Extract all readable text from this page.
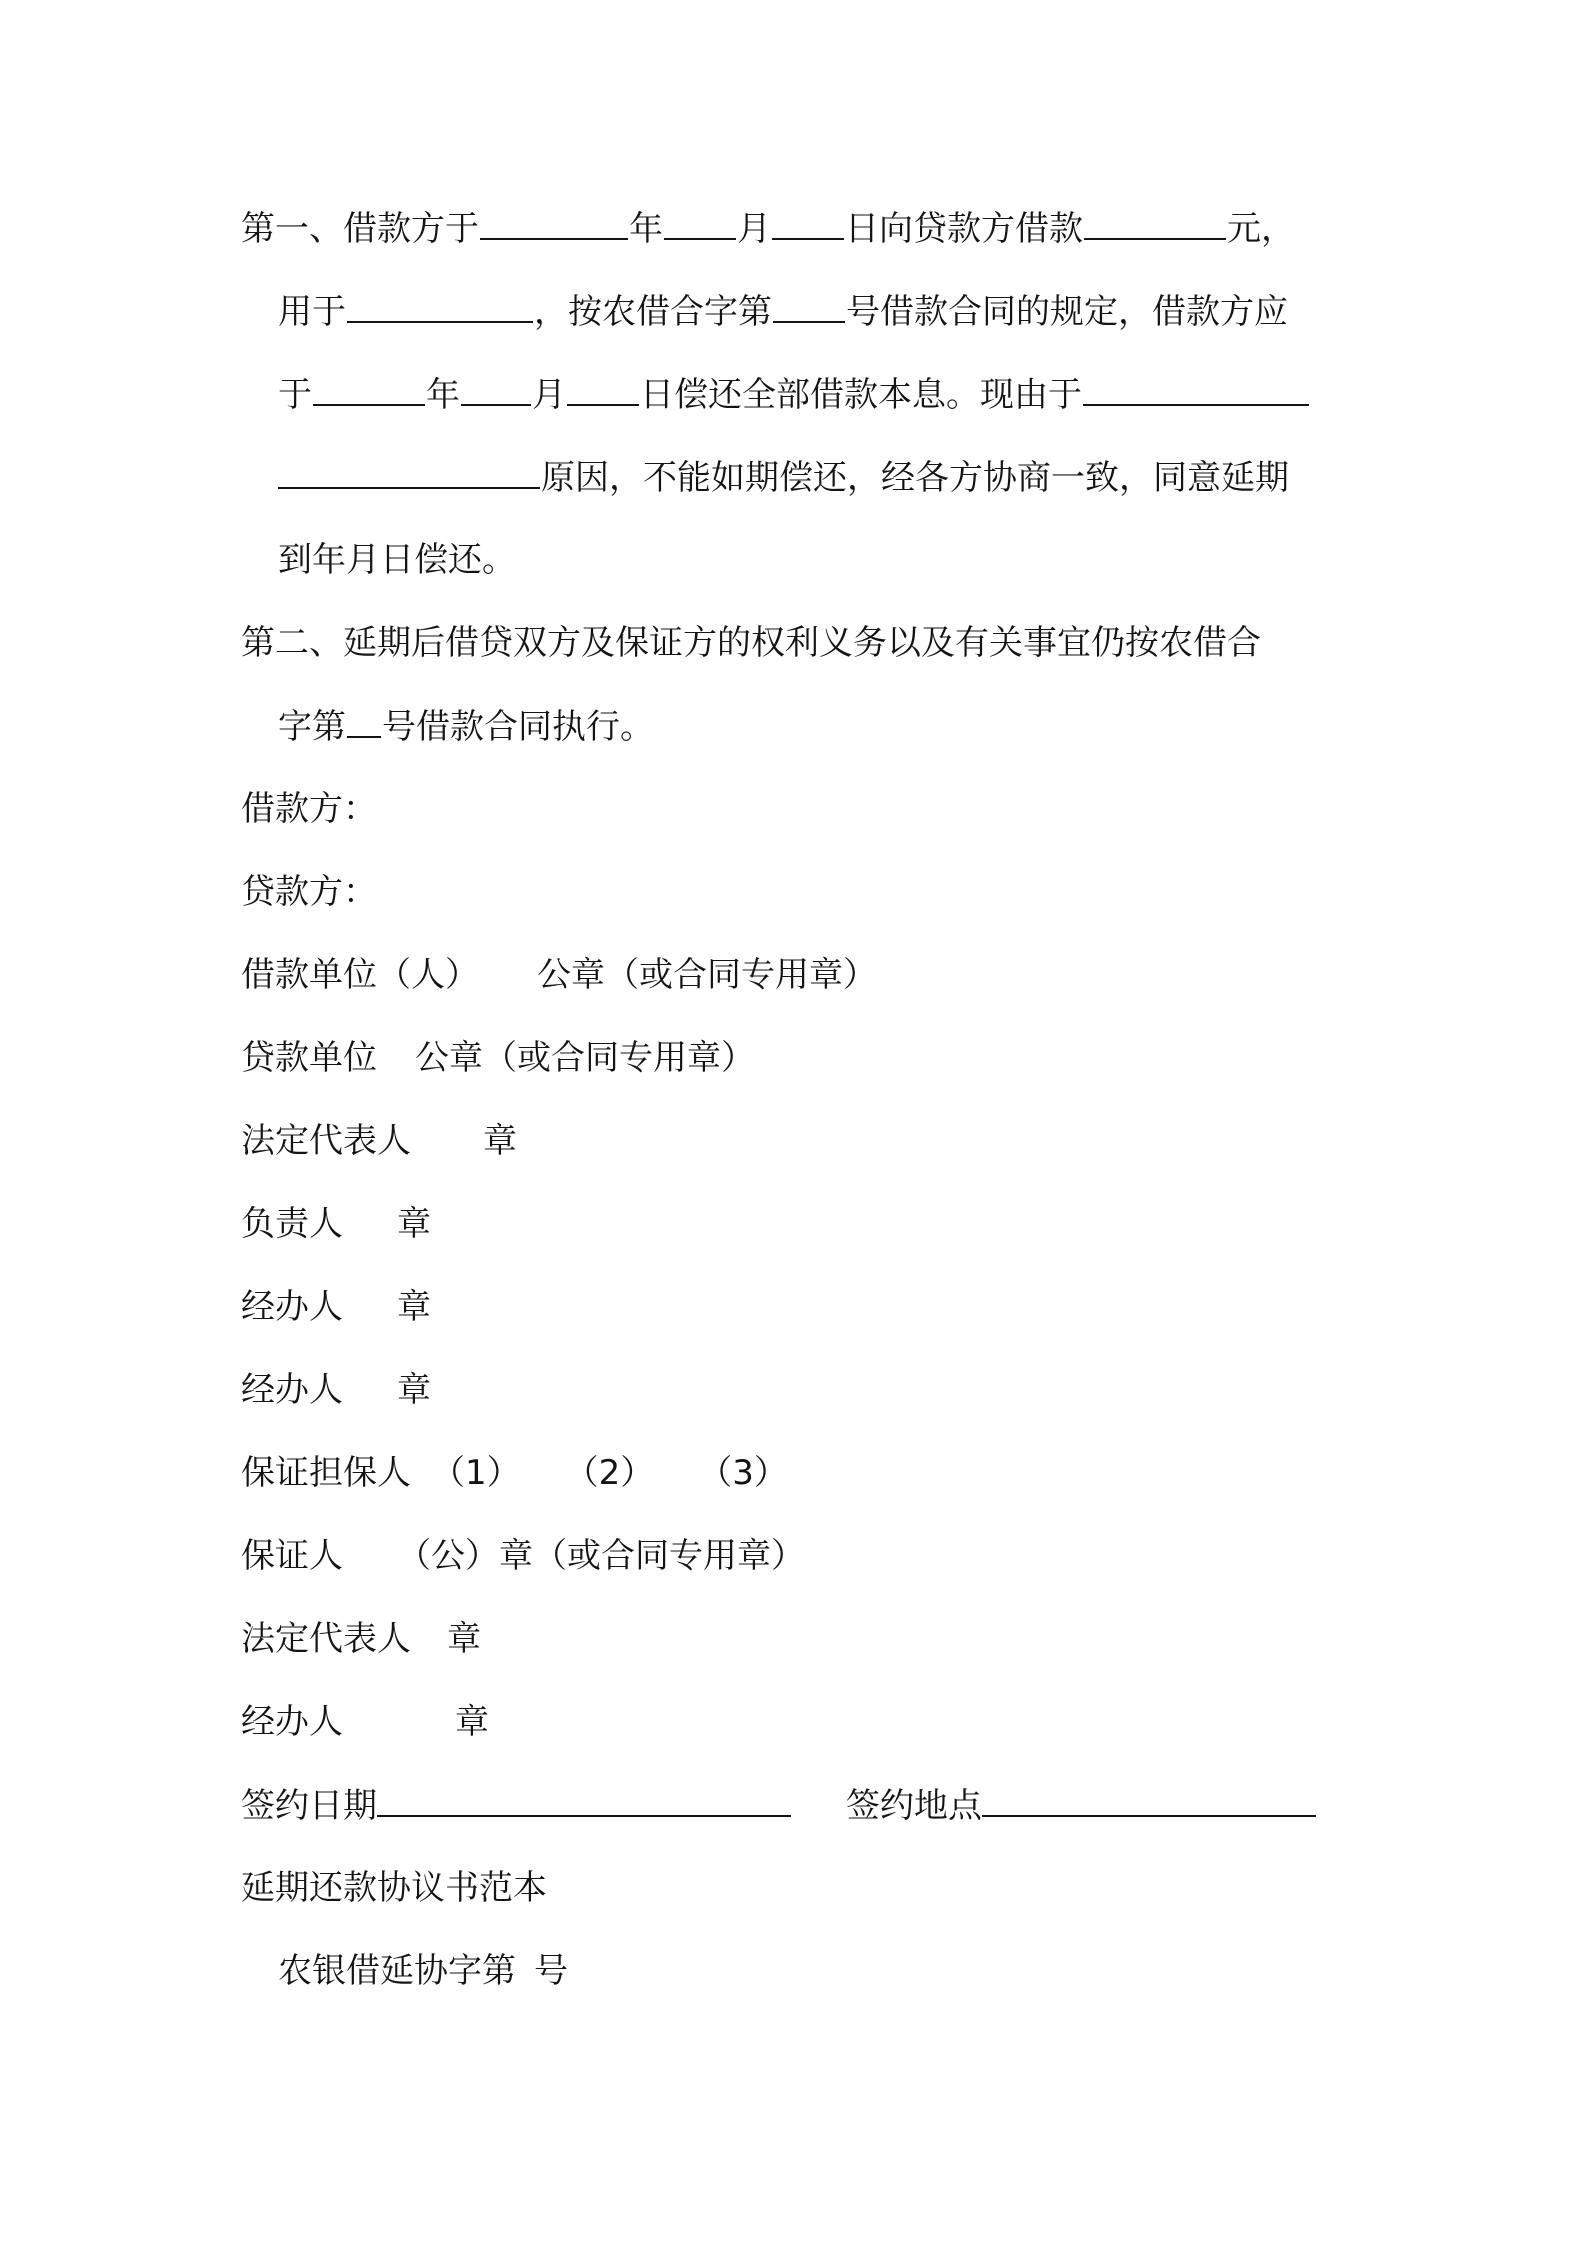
第一、借款方于	年 月 日向贷款方借款	元，
用于	，按农借合字第 号借款合同的规定，借款方应
于	年 月 日偿还全部借款本息。现由于
原因，不能如期偿还，经各方协商一致，同意延期
到年月日偿还。
第二、延期后借贷双方及保证方的权利义务以及有关事宜仍按农借合
字第 号借款合同执行。
借款方：
贷款方：
借款单位（人） 公章（或合同专用章）
贷款单位 公章（或合同专用章）
法定代表人 章
负责人 章
经办人 章
经办人 章
保证担保人 （1） （2） （3）
保证人 （公）章（或合同专用章）
法定代表人 章
经办人	章
签约日期	签约地点
延期还款协议书范本
农银借延协字第 号
